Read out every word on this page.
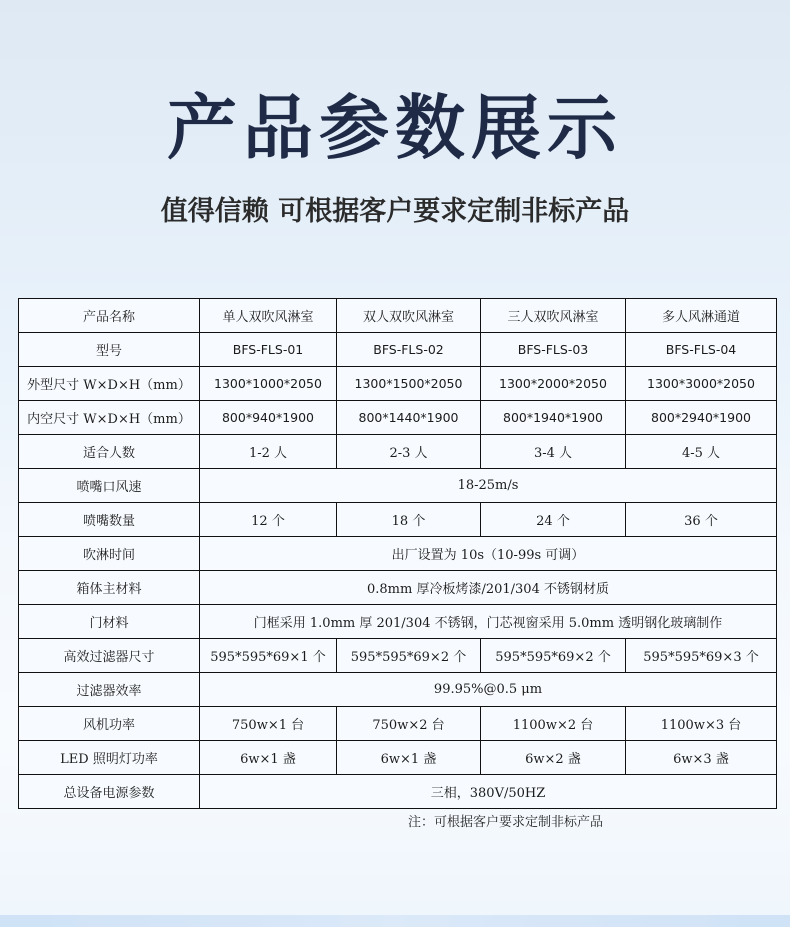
产品参数展示
值得信赖 可根据客户要求定制非标产品
产品名称	单人双吹风淋室	双人双吹风淋室	三人双吹风淋室	多人风淋通道
型号	BFS-FLS-01	BFS-FLS-02	BFS-FLS-03	BFS-FLS-04
外型尺寸 W×D×H（mm）	1300*1000*2050	1300*1500*2050	1300*2000*2050	1300*3000*2050
内空尺寸 W×D×H（mm）	800*940*1900	800*1440*1900	800*1940*1900	800*2940*1900
适合人数	1-2 人	2-3 人	3-4 人	4-5 人
喷嘴口风速	18-25m/s			
喷嘴数量	12 个	18 个	24 个	36 个
吹淋时间	出厂设置为 10s（10-99s 可调）			
箱体主材料	0.8mm 厚冷板烤漆/201/304 不锈钢材质			
门材料	门框采用 1.0mm 厚 201/304 不锈钢，门芯视窗采用 5.0mm 透明钢化玻璃制作			
高效过滤器尺寸	595*595*69×1 个	595*595*69×2 个	595*595*69×2 个	595*595*69×3 个
过滤器效率	99.95%@0.5 μm			
风机功率	750w×1 台	750w×2 台	1100w×2 台	1100w×3 台
LED 照明灯功率	6w×1 盏	6w×1 盏	6w×2 盏	6w×3 盏
总设备电源参数	三相，380V/50HZ			
注：可根据客户要求定制非标产品
